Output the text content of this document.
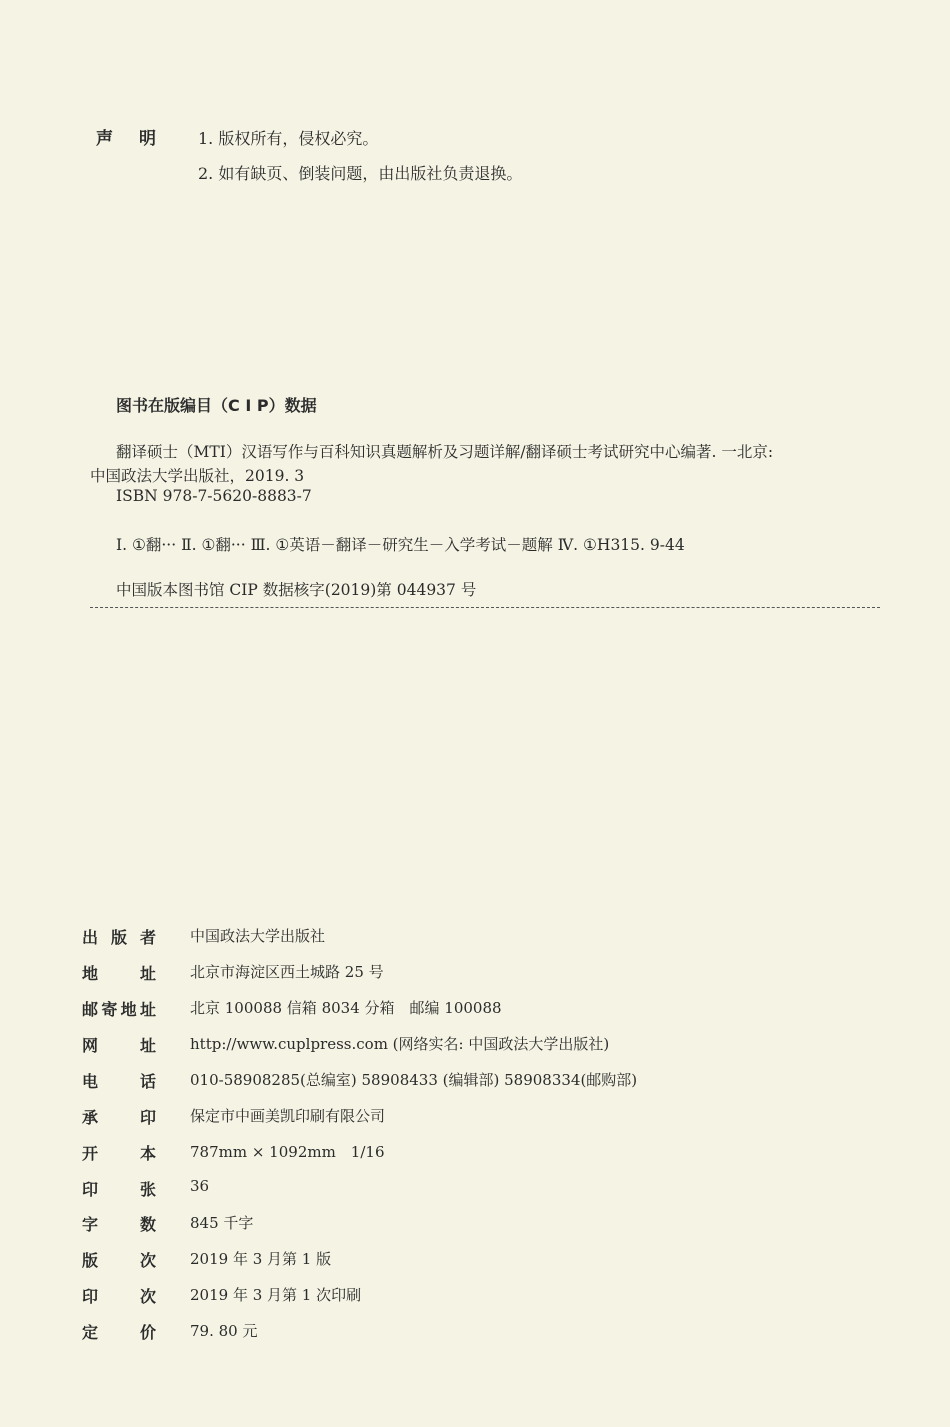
声 明	1. 版权所有，侵权必究。
2. 如有缺页、倒装问题，由出版社负责退换。
图书在版编目（C I P）数据
翻译硕士（MTI）汉语写作与百科知识真题解析及习题详解/翻译硕士考试研究中心编著. 一北京:
中国政法大学出版社，2019. 3
ISBN 978-7-5620-8883-7
Ⅰ. ①翻··· Ⅱ. ①翻··· Ⅲ. ①英语－翻译－研究生－入学考试－题解 Ⅳ. ①H315. 9-44
中国版本图书馆 CIP 数据核字(2019)第 044937 号
出版者 中国政法大学出版社
地址 北京市海淀区西土城路 25 号
邮寄地址 北京 100088 信箱 8034 分箱　邮编 100088
网址 http://www.cuplpress.com (网络实名: 中国政法大学出版社)
电话 010-58908285(总编室) 58908433 (编辑部) 58908334(邮购部)
承印 保定市中画美凯印刷有限公司
开本 787mm × 1092mm　1/16
印张 36
字数 845 千字
版次 2019 年 3 月第 1 版
印次 2019 年 3 月第 1 次印刷
定价 79. 80 元
